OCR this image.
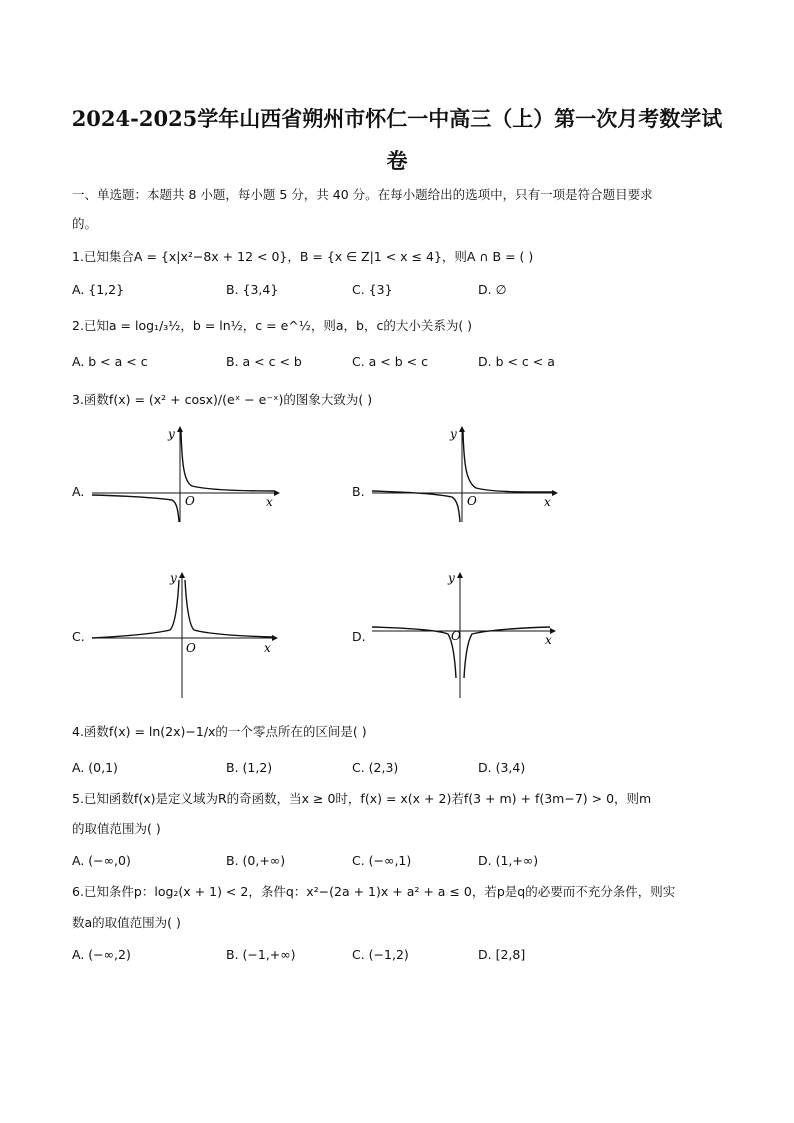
2024-2025学年山西省朔州市怀仁一中高三（上）第一次月考数学试
卷
一、单选题：本题共 8 小题，每小题 5 分，共 40 分。在每小题给出的选项中，只有一项是符合题目要求
的。
1.已知集合A = {x|x²−8x + 12 < 0}，B = {x ∈ Z|1 < x ≤ 4}，则A ∩ B = ( )
A. {1,2}	B. {3,4}	C. {3}	D. ∅
2.已知a = log₁/₃½，b = ln½，c = e^½，则a，b，c的大小关系为( )
A. b < a < c	B. a < c < b	C. a < b < c	D. b < c < a
3.函数f(x) = (x² + cosx)/(eˣ − e⁻ˣ)的图象大致为( )
A.
y
x
O
B.
y
x
O
C.
y
x
O
D.
y
x
O
4.函数f(x) = ln(2x)−1/x的一个零点所在的区间是( )
A. (0,1)	B. (1,2)	C. (2,3)	D. (3,4)
5.已知函数f(x)是定义域为R的奇函数，当x ≥ 0时，f(x) = x(x + 2)若f(3 + m) + f(3m−7) > 0，则m
的取值范围为( )
A. (−∞,0)	B. (0,+∞)	C. (−∞,1)	D. (1,+∞)
6.已知条件p：log₂(x + 1) < 2，条件q：x²−(2a + 1)x + a² + a ≤ 0，若p是q的必要而不充分条件，则实
数a的取值范围为( )
A. (−∞,2)	B. (−1,+∞)	C. (−1,2)	D. [2,8]
